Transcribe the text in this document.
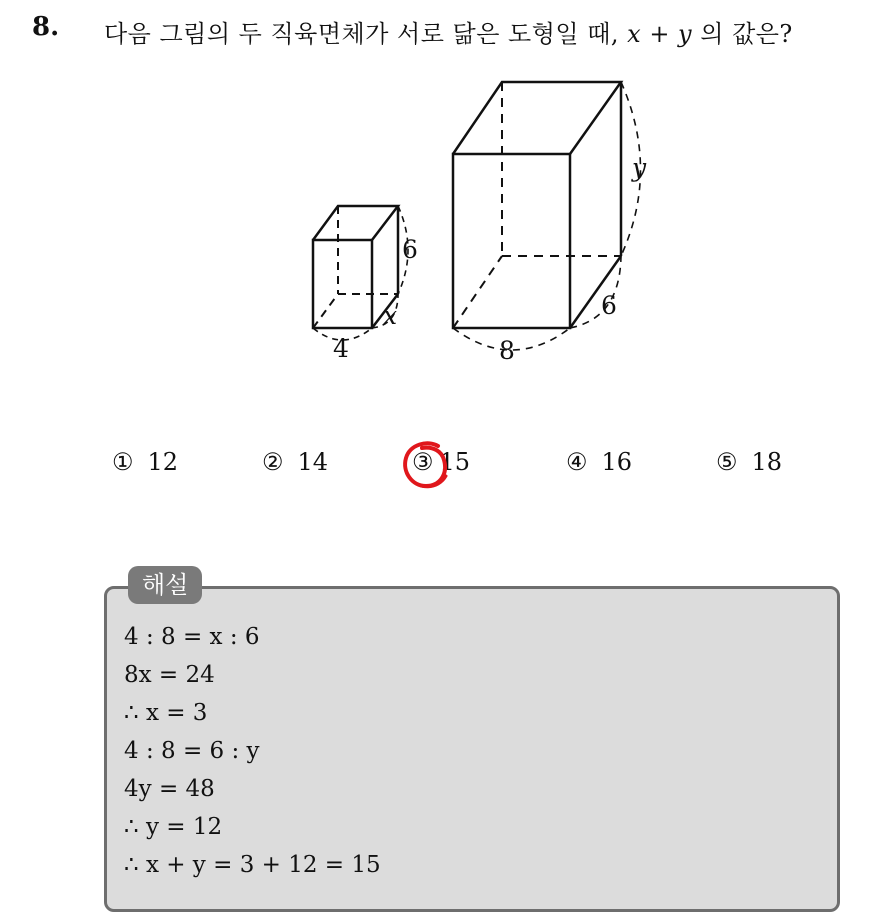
8. 다음 그림의 두 직육면체가 서로 닮은 도형일 때, x + y 의 값은?
6
x
4
y
6
8
① 12	② 14	③ 15	④ 16	⑤ 18
해설
4 : 8 = x : 6
8x = 24
∴ x = 3
4 : 8 = 6 : y
4y = 48
∴ y = 12
∴ x + y = 3 + 12 = 15
